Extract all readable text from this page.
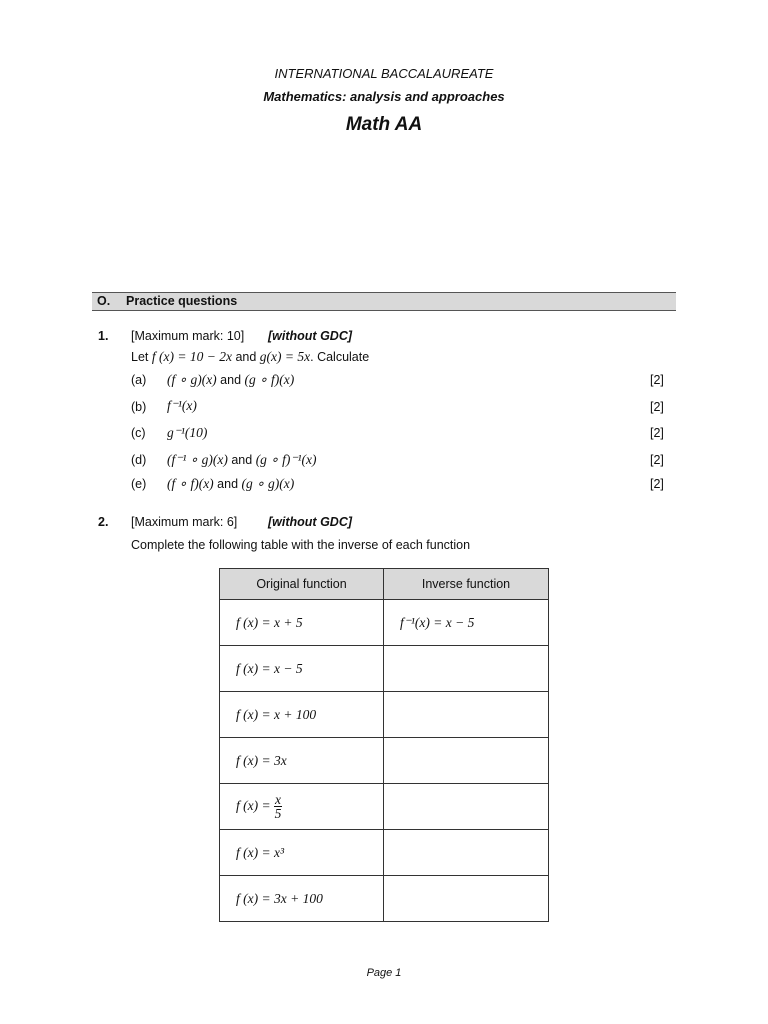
INTERNATIONAL BACCALAUREATE
Mathematics: analysis and approaches
Math AA
O. Practice questions
1. [Maximum mark: 10] [without GDC]
Let f (x) = 10 − 2x and g(x) = 5x. Calculate
(a) (f ∘ g)(x) and (g ∘ f)(x)	[2]
(b) f⁻¹(x)	[2]
(c) g⁻¹(10)	[2]
(d) (f⁻¹ ∘ g)(x) and (g ∘ f)⁻¹(x)	[2]
(e) (f ∘ f)(x) and (g ∘ g)(x)	[2]
2. [Maximum mark: 6] [without GDC]
Complete the following table with the inverse of each function
Original function	Inverse function
f (x) = x + 5	f⁻¹(x) = x − 5
f (x) = x − 5	
f (x) = x + 100	
f (x) = 3x	
f $(x) = \frac{x}{5}$

f (x) = x³	
f (x) = 3x + 100	
Page 1
